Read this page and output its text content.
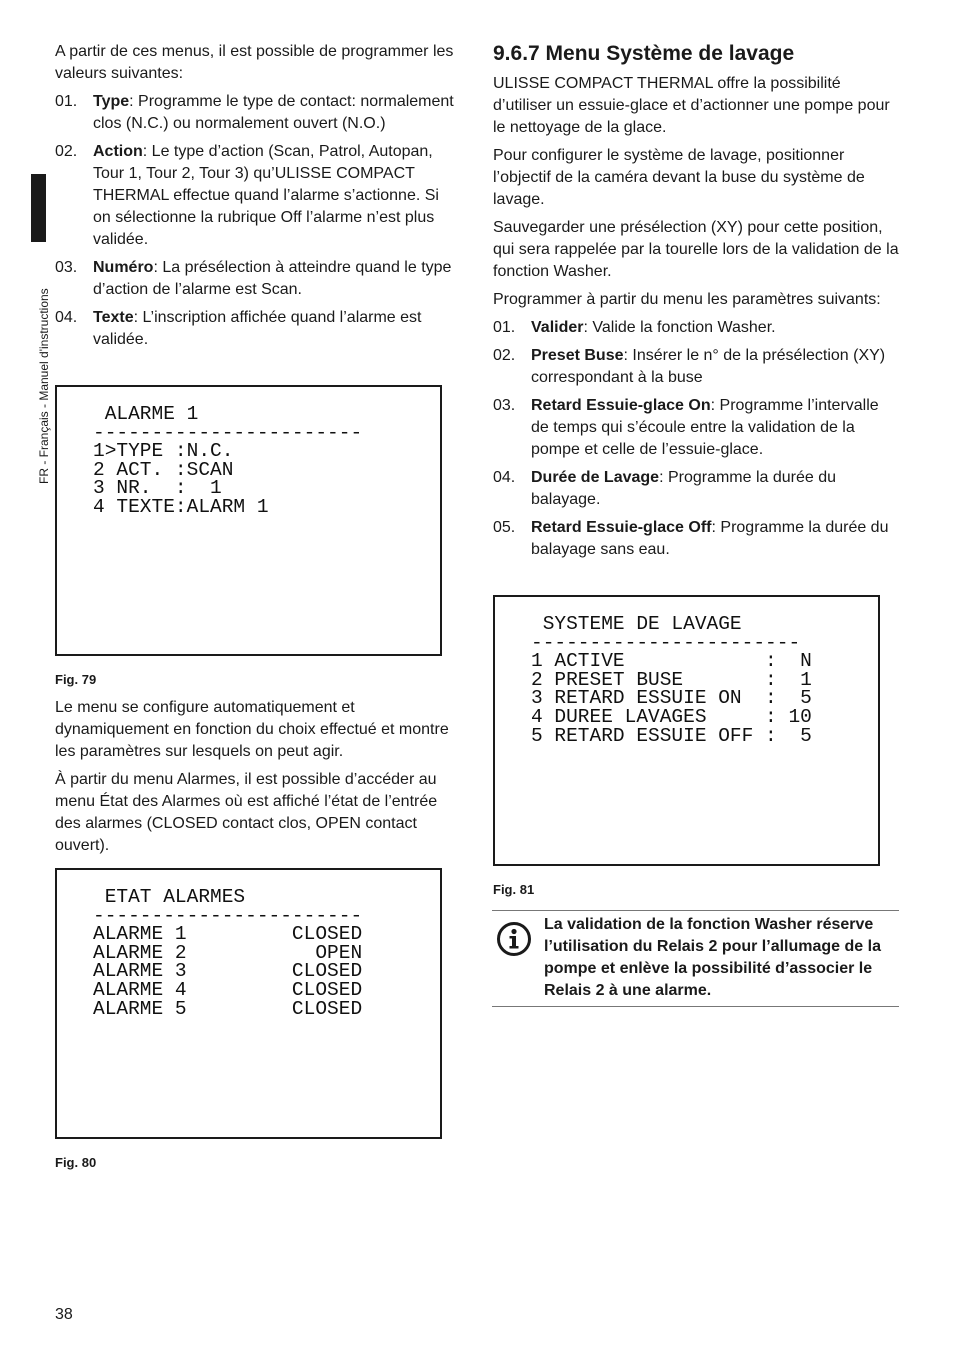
FR - Français - Manuel d'instructions

A partir de ces menus, il est possible de programmer les valeurs suivantes:

01. Type: Programme le type de contact: normalement clos (N.C.) ou normalement ouvert (N.O.)
02. Action: Le type d’action (Scan, Patrol, Autopan, Tour 1, Tour 2, Tour 3) qu’ULISSE COMPACT THERMAL effectue quand l’alarme s’actionne. Si on sélectionne la rubrique Off l’alarme n’est plus validée.
03. Numéro: La présélection à atteindre quand le type d’action de l’alarme est Scan.
04. Texte: L’inscription affichée quand l’alarme est validée.
ALARME 1
-----------------------
1>TYPE :N.C.
2 ACT. :SCAN
3 NR.  :  1
4 TEXTE:ALARM 1
Fig. 79

Le menu se configure automatiquement et dynamiquement en fonction du choix effectué et montre les paramètres sur lesquels on peut agir.

À partir du menu Alarmes, il est possible d’accéder au menu État des Alarmes où est affiché l’état de l’entrée des alarmes (CLOSED contact clos, OPEN contact ouvert).

ETAT ALARMES
-----------------------
ALARME 1         CLOSED
ALARME 2           OPEN
ALARME 3         CLOSED
ALARME 4         CLOSED
ALARME 5         CLOSED
Fig. 80
9.6.7 Menu Système de lavage

ULISSE COMPACT THERMAL offre la possibilité d’utiliser un essuie-glace et d’actionner une pompe pour le nettoyage de la glace.

Pour configurer le système de lavage, positionner l’objectif de la caméra devant la buse du système de lavage.

Sauvegarder une présélection (XY) pour cette position, qui sera rappelée par la tourelle lors de la validation de la fonction Washer.

Programmer à partir du menu les paramètres suivants:

01. Valider: Valide la fonction Washer.
02. Preset Buse: Insérer le n° de la présélection (XY) correspondant à la buse
03. Retard Essuie-glace On: Programme l’intervalle de temps qui s’écoule entre la validation de la pompe et celle de l’essuie-glace.
04. Durée de Lavage: Programme la durée du balayage.
05. Retard Essuie-glace Off: Programme la durée du balayage sans eau.
SYSTEME DE LAVAGE
-----------------------
1 ACTIVE            :  N
2 PRESET BUSE       :  1
3 RETARD ESSUIE ON  :  5
4 DUREE LAVAGES     : 10
5 RETARD ESSUIE OFF :  5
Fig. 81
La validation de la fonction Washer réserve l’utilisation du Relais 2 pour l’allumage de la pompe et enlève la possibilité d’associer le Relais 2 à une alarme.
38
